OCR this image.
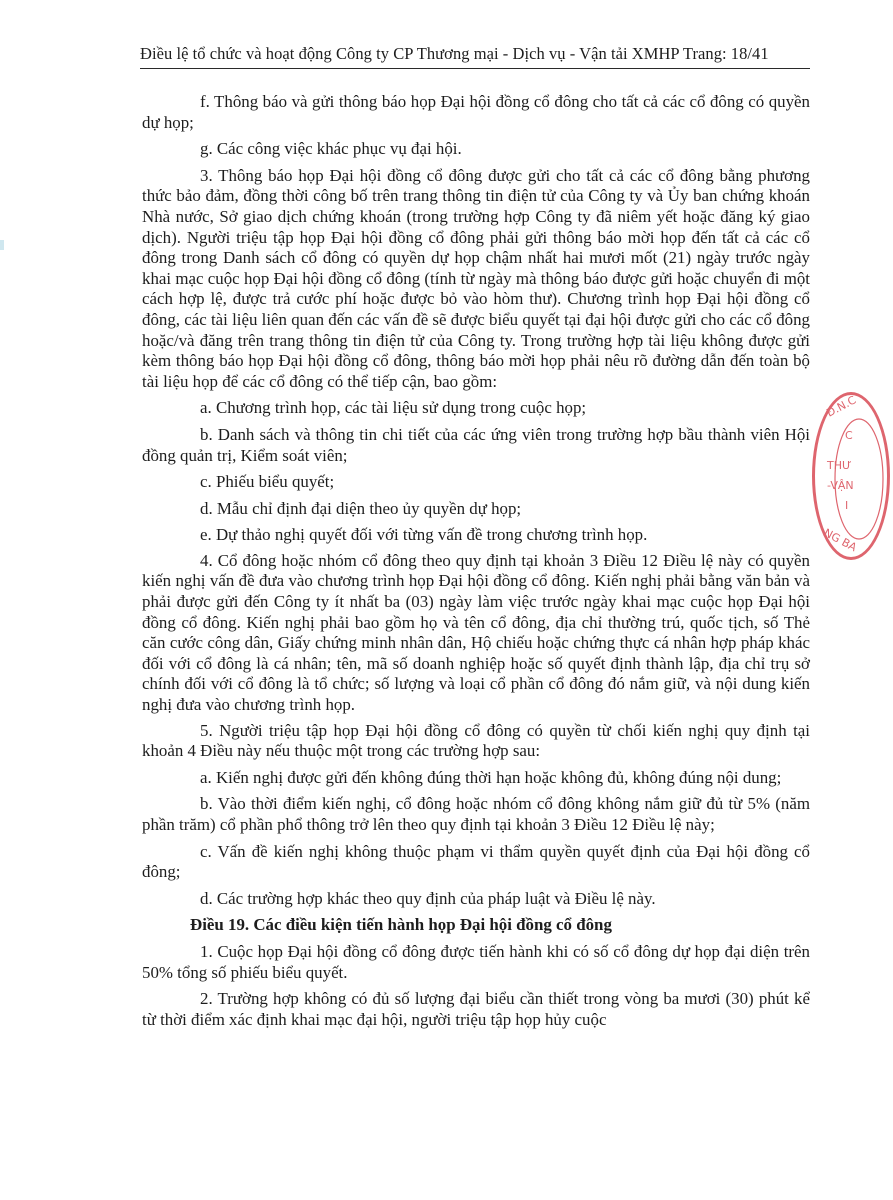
Điều lệ tổ chức và hoạt động Công ty CP Thương mại - Dịch vụ - Vận tải XMHP Trang: 18/41

f. Thông báo và gửi thông báo họp Đại hội đồng cổ đông cho tất cả các cổ đông có quyền dự họp;

g. Các công việc khác phục vụ đại hội.

3. Thông báo họp Đại hội đồng cổ đông được gửi cho tất cả các cổ đông bằng phương thức bảo đảm, đồng thời công bố trên trang thông tin điện tử của Công ty và Ủy ban chứng khoán Nhà nước, Sở giao dịch chứng khoán (trong trường hợp Công ty đã niêm yết hoặc đăng ký giao dịch). Người triệu tập họp Đại hội đồng cổ đông phải gửi thông báo mời họp đến tất cả các cổ đông trong Danh sách cổ đông có quyền dự họp chậm nhất hai mươi mốt (21) ngày trước ngày khai mạc cuộc họp Đại hội đồng cổ đông (tính từ ngày mà thông báo được gửi hoặc chuyển đi một cách hợp lệ, được trả cước phí hoặc được bỏ vào hòm thư). Chương trình họp Đại hội đồng cổ đông, các tài liệu liên quan đến các vấn đề sẽ được biểu quyết tại đại hội được gửi cho các cổ đông hoặc/và đăng trên trang thông tin điện tử của Công ty. Trong trường hợp tài liệu không được gửi kèm thông báo họp Đại hội đồng cổ đông, thông báo mời họp phải nêu rõ đường dẫn đến toàn bộ tài liệu họp để các cổ đông có thể tiếp cận, bao gồm:

a. Chương trình họp, các tài liệu sử dụng trong cuộc họp;

b. Danh sách và thông tin chi tiết của các ứng viên trong trường hợp bầu thành viên Hội đồng quản trị, Kiểm soát viên;

c. Phiếu biểu quyết;

d. Mẫu chỉ định đại diện theo ủy quyền dự họp;

e. Dự thảo nghị quyết đối với từng vấn đề trong chương trình họp.

4. Cổ đông hoặc nhóm cổ đông theo quy định tại khoản 3 Điều 12 Điều lệ này có quyền kiến nghị vấn đề đưa vào chương trình họp Đại hội đồng cổ đông. Kiến nghị phải bằng văn bản và phải được gửi đến Công ty ít nhất ba (03) ngày làm việc trước ngày khai mạc cuộc họp Đại hội đồng cổ đông. Kiến nghị phải bao gồm họ và tên cổ đông, địa chỉ thường trú, quốc tịch, số Thẻ căn cước công dân, Giấy chứng minh nhân dân, Hộ chiếu hoặc chứng thực cá nhân hợp pháp khác đối với cổ đông là cá nhân; tên, mã số doanh nghiệp hoặc số quyết định thành lập, địa chỉ trụ sở chính đối với cổ đông là tổ chức; số lượng và loại cổ phần cổ đông đó nắm giữ, và nội dung kiến nghị đưa vào chương trình họp.

5. Người triệu tập họp Đại hội đồng cổ đông có quyền từ chối kiến nghị quy định tại khoản 4 Điều này nếu thuộc một trong các trường hợp sau:

a. Kiến nghị được gửi đến không đúng thời hạn hoặc không đủ, không đúng nội dung;

b. Vào thời điểm kiến nghị, cổ đông hoặc nhóm cổ đông không nắm giữ đủ từ 5% (năm phần trăm) cổ phần phổ thông trở lên theo quy định tại khoản 3 Điều 12 Điều lệ này;

c. Vấn đề kiến nghị không thuộc phạm vi thẩm quyền quyết định của Đại hội đồng cổ đông;

d. Các trường hợp khác theo quy định của pháp luật và Điều lệ này.

Điều 19. Các điều kiện tiến hành họp Đại hội đồng cổ đông

1. Cuộc họp Đại hội đồng cổ đông được tiến hành khi có số cổ đông dự họp đại diện trên 50% tổng số phiếu biểu quyết.

2. Trường hợp không có đủ số lượng đại biểu cần thiết trong vòng ba mươi (30) phút kể từ thời điểm xác định khai mạc đại hội, người triệu tập họp hủy cuộc

Đ.N.C
C
THƯ
-VẬN
I
NG BA
